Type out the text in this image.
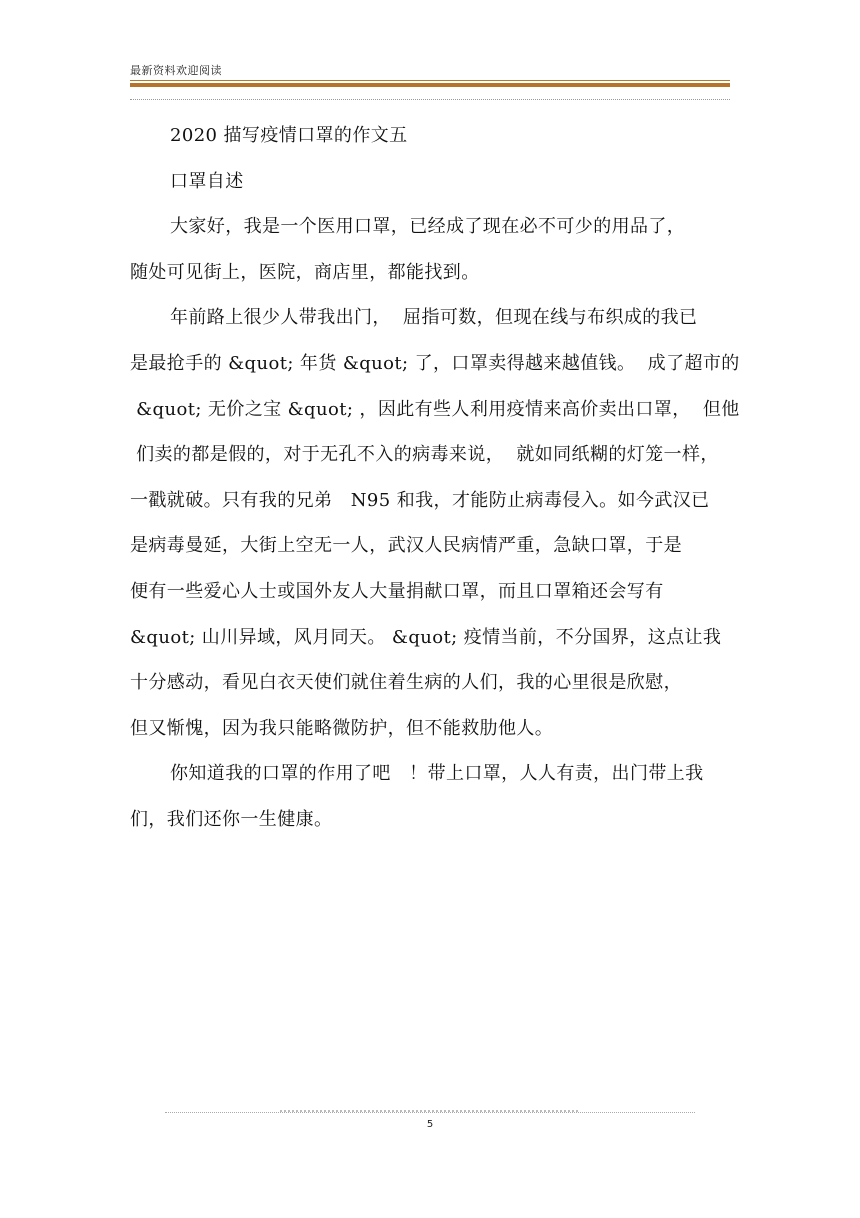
最新资料欢迎阅读
2020 描写疫情口罩的作文五
口罩自述
大家好，我是一个医用口罩，已经成了现在必不可少的用品了，
随处可见街上，医院，商店里，都能找到。
年前路上很少人带我出门，  屈指可数，但现在线与布织成的我已
是最抢手的 &quot; 年货 &quot; 了，口罩卖得越来越值钱。  成了超市的
&quot; 无价之宝 &quot; ，因此有些人利用疫情来高价卖出口罩，  但他
们卖的都是假的，对于无孔不入的病毒来说，  就如同纸糊的灯笼一样，
一戳就破。只有我的兄弟   N95 和我，才能防止病毒侵入。如今武汉已
是病毒曼延，大街上空无一人，武汉人民病情严重，急缺口罩，于是
便有一些爱心人士或国外友人大量捐献口罩，而且口罩箱还会写有
&quot; 山川异域，风月同天。 &quot; 疫情当前，不分国界，这点让我
十分感动，看见白衣天使们就住着生病的人们，我的心里很是欣慰，
但又惭愧，因为我只能略微防护，但不能救肋他人。
你知道我的口罩的作用了吧   ！带上口罩，人人有责，出门带上我
们，我们还你一生健康。
5
